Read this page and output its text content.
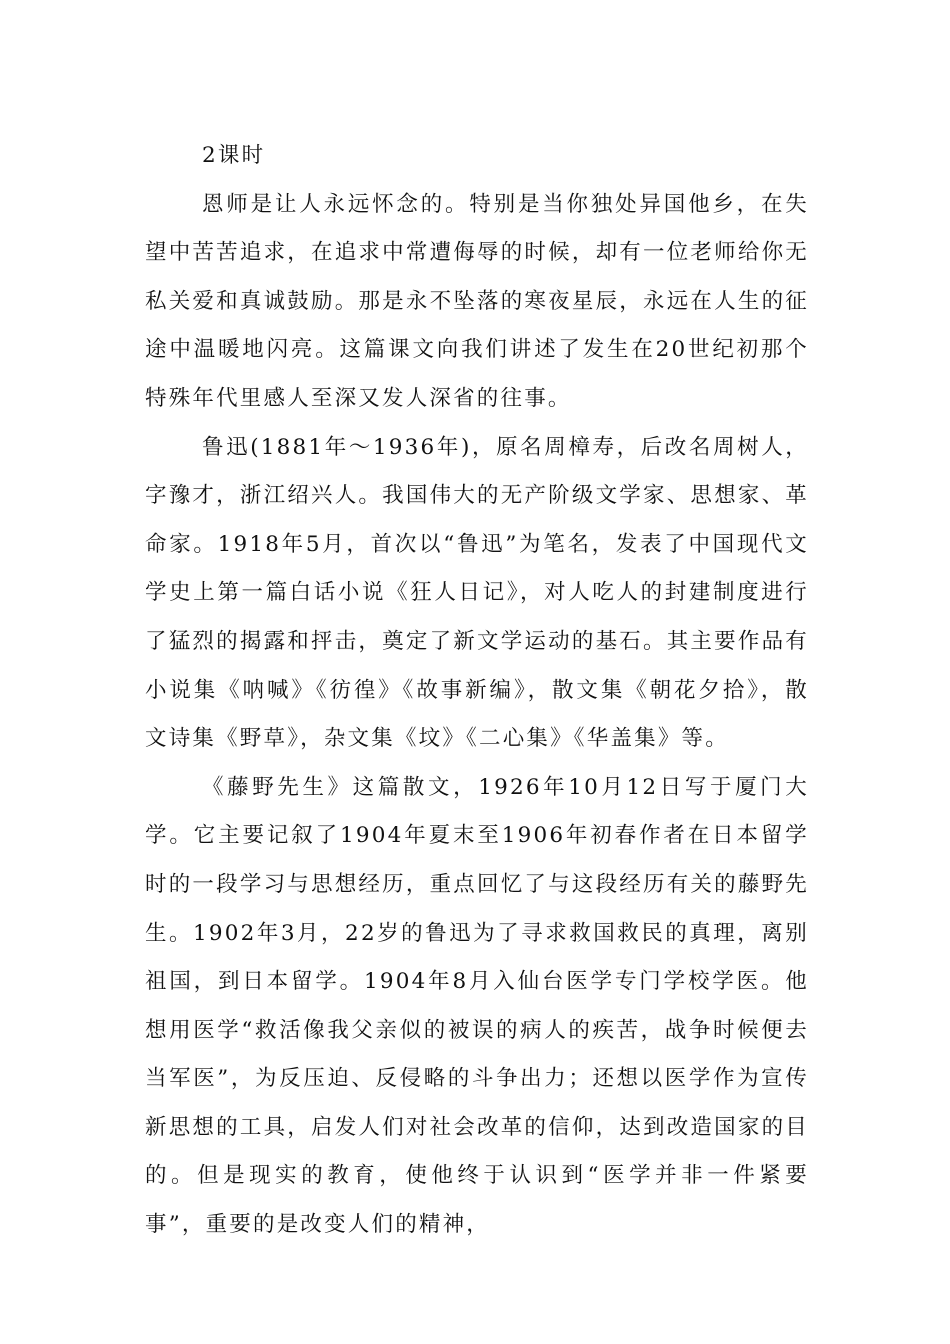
2课时

恩师是让人永远怀念的。特别是当你独处异国他乡，在失望中苦苦追求，在追求中常遭侮辱的时候，却有一位老师给你无私关爱和真诚鼓励。那是永不坠落的寒夜星辰，永远在人生的征途中温暖地闪亮。这篇课文向我们讲述了发生在20世纪初那个特殊年代里感人至深又发人深省的往事。

鲁迅(1881年～1936年)，原名周樟寿，后改名周树人，字豫才，浙江绍兴人。我国伟大的无产阶级文学家、思想家、革命家。1918年5月，首次以“鲁迅”为笔名，发表了中国现代文学史上第一篇白话小说《狂人日记》，对人吃人的封建制度进行了猛烈的揭露和抨击，奠定了新文学运动的基石。其主要作品有小说集《呐喊》《彷徨》《故事新编》，散文集《朝花夕拾》，散文诗集《野草》，杂文集《坟》《二心集》《华盖集》等。

《藤野先生》这篇散文，1926年10月12日写于厦门大学。它主要记叙了1904年夏末至1906年初春作者在日本留学时的一段学习与思想经历，重点回忆了与这段经历有关的藤野先生。1902年3月，22岁的鲁迅为了寻求救国救民的真理，离别祖国，到日本留学。1904年8月入仙台医学专门学校学医。他想用医学“救活像我父亲似的被误的病人的疾苦，战争时候便去当军医”，为反压迫、反侵略的斗争出力；还想以医学作为宣传新思想的工具，启发人们对社会改革的信仰，达到改造国家的目的。但是现实的教育，使他终于认识到“医学并非一件紧要事”，重要的是改变人们的精神，
